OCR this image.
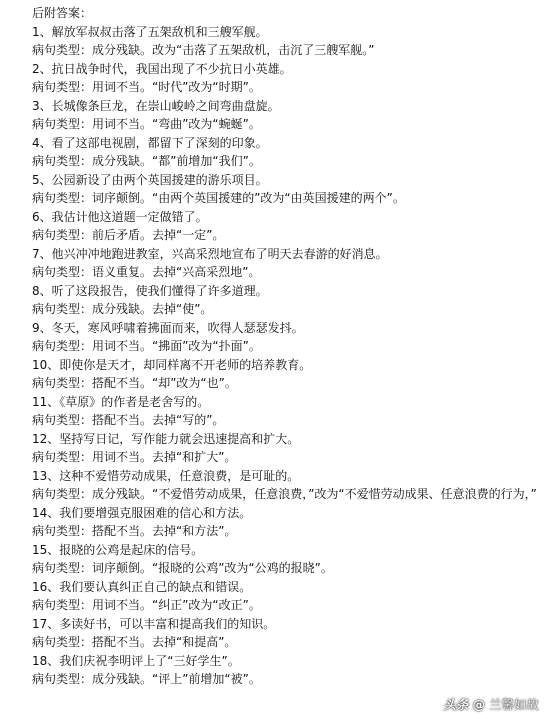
后附答案：
1、解放军叔叔击落了五架敌机和三艘军舰。
病句类型：成分残缺。改为“击落了五架敌机，击沉了三艘军舰。”
2、抗日战争时代，我国出现了不少抗日小英雄。
病句类型：用词不当。“时代”改为“时期”。
3、长城像条巨龙，在崇山峻岭之间弯曲盘旋。
病句类型：用词不当。“弯曲”改为“蜿蜒”。
4、看了这部电视剧，都留下了深刻的印象。
病句类型：成分残缺。“都”前增加“我们”。
5、公园新设了由两个英国援建的游乐项目。
病句类型：词序颠倒。“由两个英国援建的”改为“由英国援建的两个”。
6、我估计他这道题一定做错了。
病句类型：前后矛盾。去掉“一定”。
7、他兴冲冲地跑进教室，兴高采烈地宣布了明天去春游的好消息。
病句类型：语义重复。去掉“兴高采烈地”。
8、听了这段报告，使我们懂得了许多道理。
病句类型：成分残缺。去掉“使”。
9、冬天，寒风呼啸着拂面而来，吹得人瑟瑟发抖。
病句类型：用词不当。“拂面”改为“扑面”。
10、即使你是天才，却同样离不开老师的培养教育。
病句类型：搭配不当。“却”改为“也”。
11、《草原》的作者是老舍写的。
病句类型：搭配不当。去掉“写的”。
12、坚持写日记，写作能力就会迅速提高和扩大。
病句类型：用词不当。去掉“和扩大”。
13、这种不爱惜劳动成果，任意浪费，是可耻的。
病句类型：成分残缺。“不爱惜劳动成果，任意浪费，”改为“不爱惜劳动成果、任意浪费的行为，”
14、我们要增强克服困难的信心和方法。
病句类型：搭配不当。去掉“和方法”。
15、报晓的公鸡是起床的信号。
病句类型：词序颠倒。“报晓的公鸡”改为“公鸡的报晓”。
16、我们要认真纠正自己的缺点和错误。
病句类型：用词不当。“纠正”改为“改正”。
17、多读好书，可以丰富和提高我们的知识。
病句类型：搭配不当。去掉“和提高”。
18、我们庆祝李明评上了“三好学生”。
病句类型：成分残缺。“评上”前增加“被”。
头条 @ 兰馨如故
